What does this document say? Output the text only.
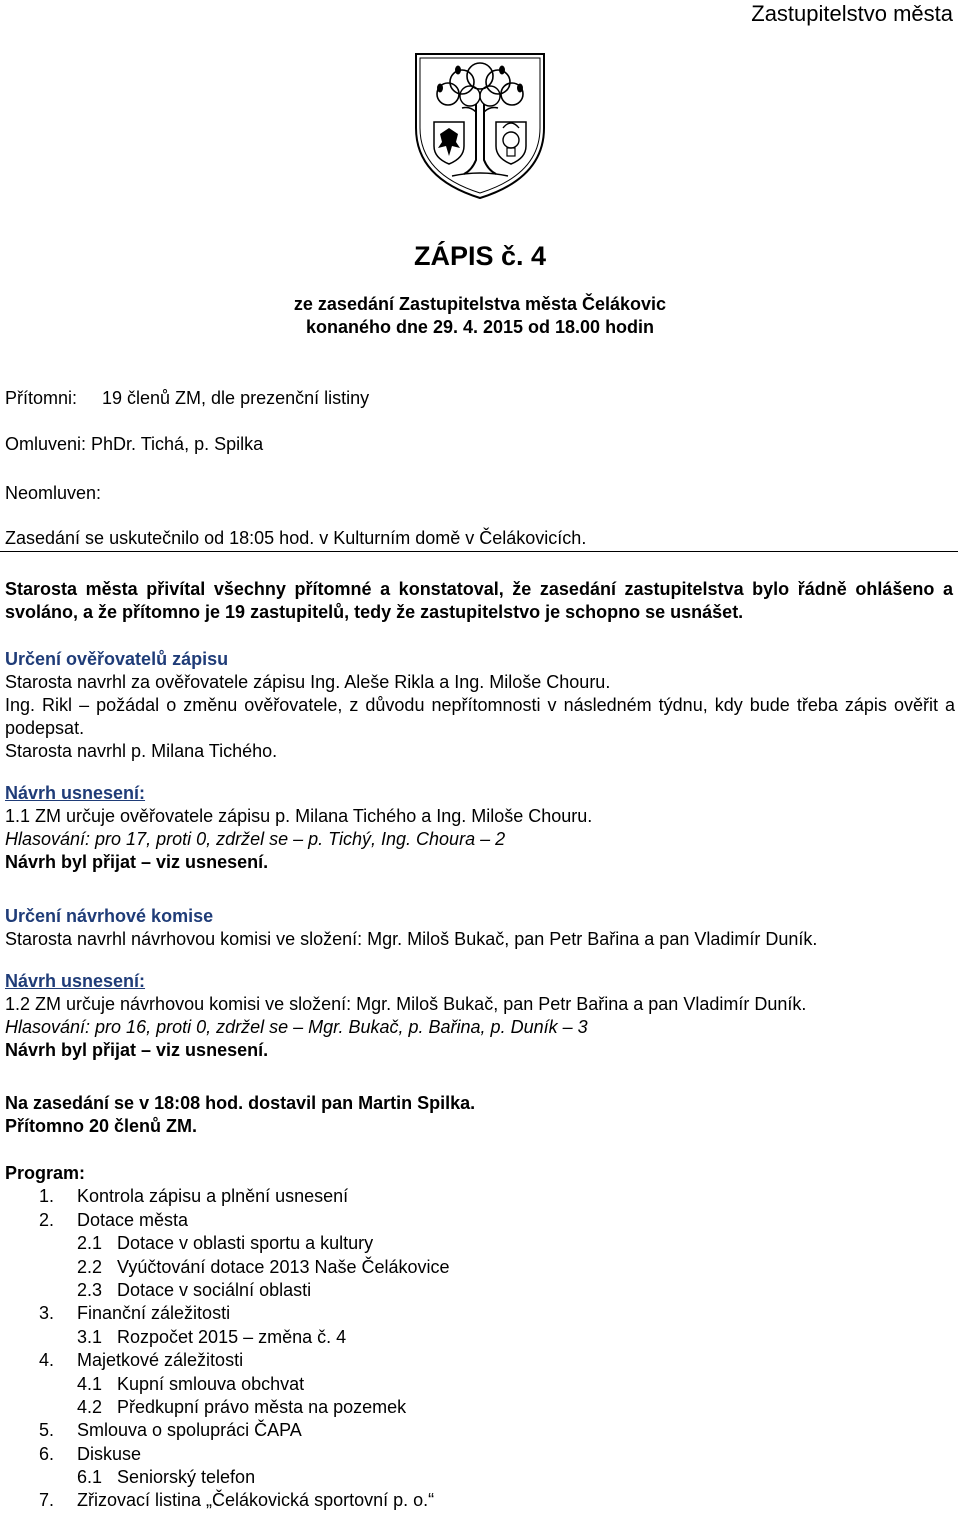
Zastupitelstvo města
ZÁPIS č. 4
ze zasedání Zastupitelstva města Čelákovic
konaného dne 29. 4. 2015 od 18.00 hodin
Přítomni: 19 členů ZM, dle prezenční listiny
Omluveni: PhDr. Tichá, p. Spilka
Neomluven:
Zasedání se uskutečnilo od 18:05 hod. v Kulturním domě v Čelákovicích.
Starosta města přivítal všechny přítomné a konstatoval, že zasedání zastupitelstva bylo řádně ohlášeno a svoláno, a že přítomno je 19 zastupitelů, tedy že zastupitelstvo je schopno se usnášet.
Určení ověřovatelů zápisu
Starosta navrhl za ověřovatele zápisu Ing. Aleše Rikla a Ing. Miloše Chouru.
Ing. Rikl – požádal o změnu ověřovatele, z důvodu nepřítomnosti v následném týdnu, kdy bude třeba zápis ověřit a podepsat.
Starosta navrhl p. Milana Tichého.
Návrh usnesení:
1.1 ZM určuje ověřovatele zápisu p. Milana Tichého a Ing. Miloše Chouru.
Hlasování: pro 17, proti 0, zdržel se – p. Tichý, Ing. Choura – 2
Návrh byl přijat – viz usnesení.
Určení návrhové komise
Starosta navrhl návrhovou komisi ve složení: Mgr. Miloš Bukač, pan Petr Bařina a pan Vladimír Duník.
Návrh usnesení:
1.2 ZM určuje návrhovou komisi ve složení: Mgr. Miloš Bukač, pan Petr Bařina a pan Vladimír Duník.
Hlasování: pro 16, proti 0, zdržel se – Mgr. Bukač, p. Bařina, p. Duník – 3
Návrh byl přijat – viz usnesení.
Na zasedání se v 18:08 hod. dostavil pan Martin Spilka.
Přítomno 20 členů ZM.
Program:
1. Kontrola zápisu a plnění usnesení
2. Dotace města
2.1 Dotace v oblasti sportu a kultury
2.2 Vyúčtování dotace 2013 Naše Čelákovice
2.3 Dotace v sociální oblasti
3. Finanční záležitosti
3.1 Rozpočet 2015 – změna č. 4
4. Majetkové záležitosti
4.1 Kupní smlouva obchvat
4.2 Předkupní právo města na pozemek
5. Smlouva o spolupráci ČAPA
6. Diskuse
6.1 Seniorský telefon
7. Zřizovací listina „Čelákovická sportovní p. o.“
